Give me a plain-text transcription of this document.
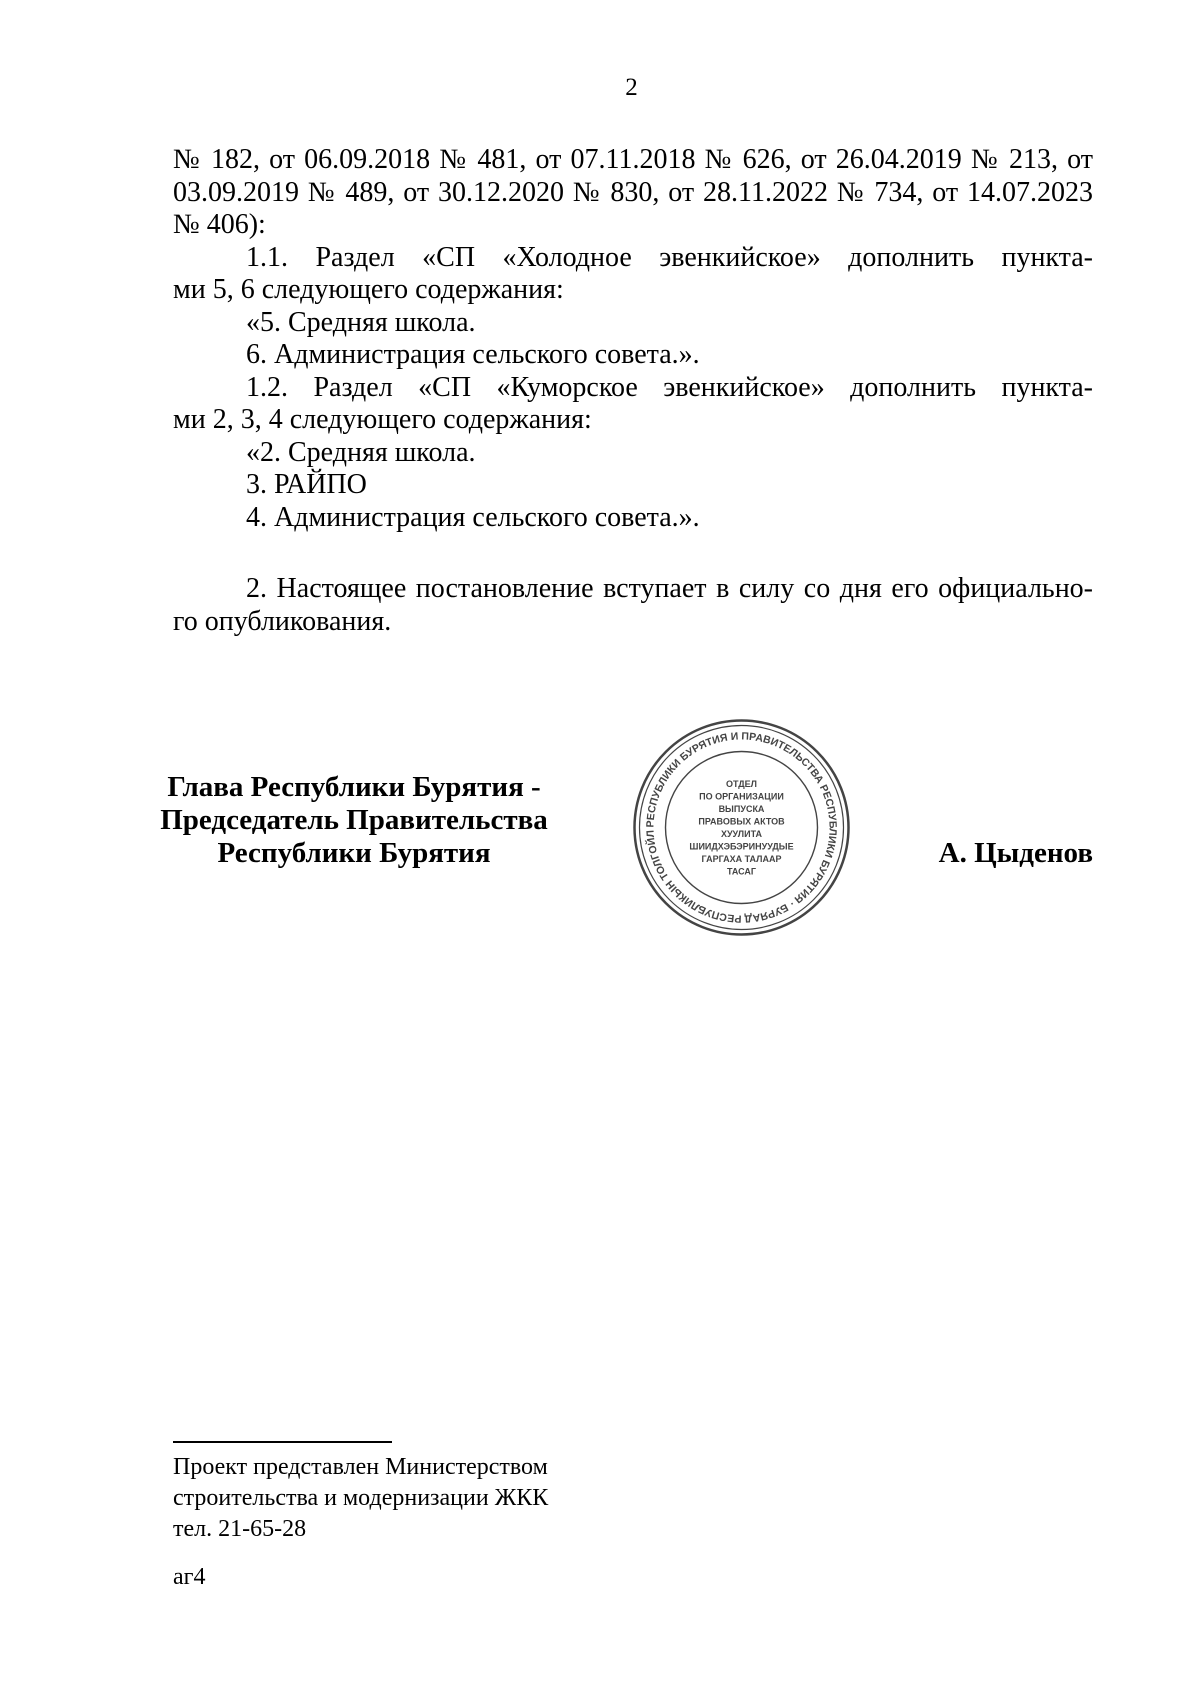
2

№ 182, от 06.09.2018 № 481, от 07.11.2018 № 626, от 26.04.2019 № 213, от

03.09.2019 № 489, от 30.12.2020 № 830, от 28.11.2022 № 734, от 14.07.2023

№ 406):

1.1. Раздел «СП «Холодное эвенкийское» дополнить пункта-

ми 5, 6 следующего содержания:

«5. Средняя школа.

6. Администрация сельского совета.».

1.2. Раздел «СП «Куморское эвенкийское» дополнить пункта-

ми 2, 3, 4 следующего содержания:

«2. Средняя школа.

3. РАЙПО

4. Администрация сельского совета.».

2. Настоящее постановление вступает в силу со дня его официально-

го опубликования.

Глава Республики Бурятия -
Председатель Правительства
Республики Бурятия	А. Цыденов
РЕСПУБЛИКИ БУРЯТИЯ И ПРАВИТЕЛЬСТВА РЕСПУБЛИКИ БУРЯТИЯ · БУРЯАД РЕСПУБЛИКЫН ТОЛГОЙЛ
ОТДЕЛ
ПО ОРГАНИЗАЦИИ
ВЫПУСКА
ПРАВОВЫХ АКТОВ
ХУУЛИТА
ШИИДХЭБЭРИНУУДЫЕ
ГАРГАХА ТАЛААР
ТАСАГ
Проект представлен Министерством
строительства и модернизации ЖКК
тел. 21-65-28
аг4
